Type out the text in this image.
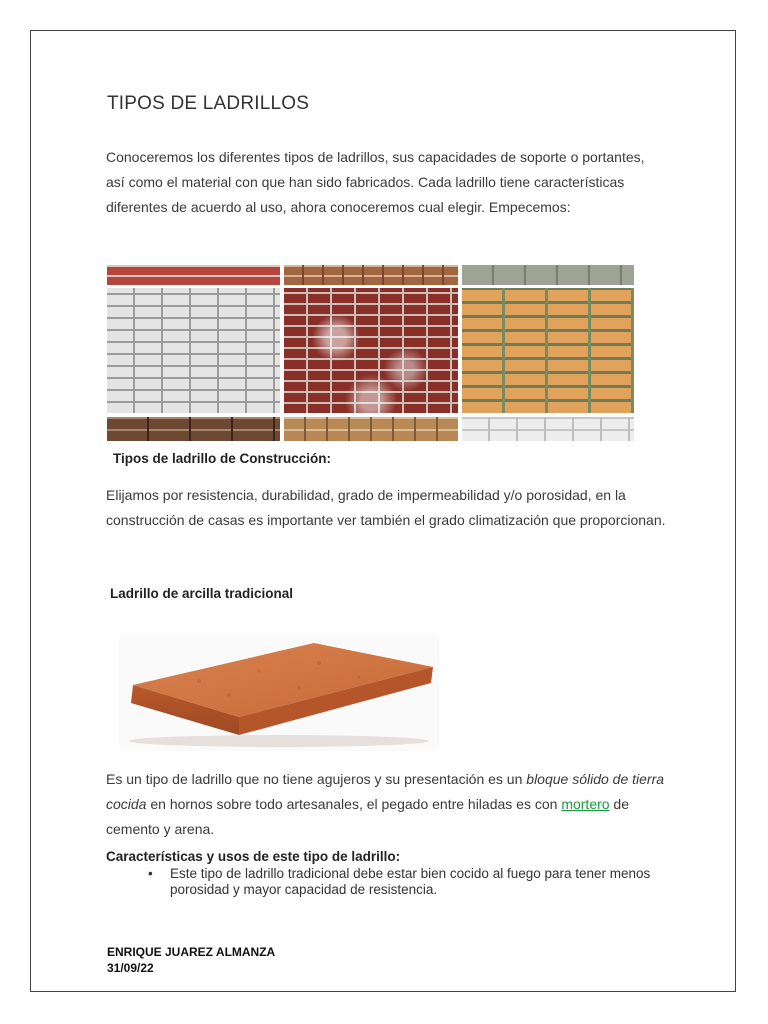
TIPOS DE LADRILLOS
Conoceremos los diferentes tipos de ladrillos, sus capacidades de soporte o portantes, así como el material con que han sido fabricados. Cada ladrillo tiene características diferentes de acuerdo al uso, ahora conoceremos cual elegir. Empecemos:
Tipos de ladrillo de Construcción:
Elijamos por resistencia, durabilidad, grado de impermeabilidad y/o porosidad, en la construcción de casas es importante ver también el grado climatización que proporcionan.
Ladrillo de arcilla tradicional
Es un tipo de ladrillo que no tiene agujeros y su presentación es un bloque sólido de tierra cocida en hornos sobre todo artesanales, el pegado entre hiladas es con mortero de cemento y arena.
Características y usos de este tipo de ladrillo:
• Este tipo de ladrillo tradicional debe estar bien cocido al fuego para tener menos porosidad y mayor capacidad de resistencia.
ENRIQUE JUAREZ ALMANZA
31/09/22
